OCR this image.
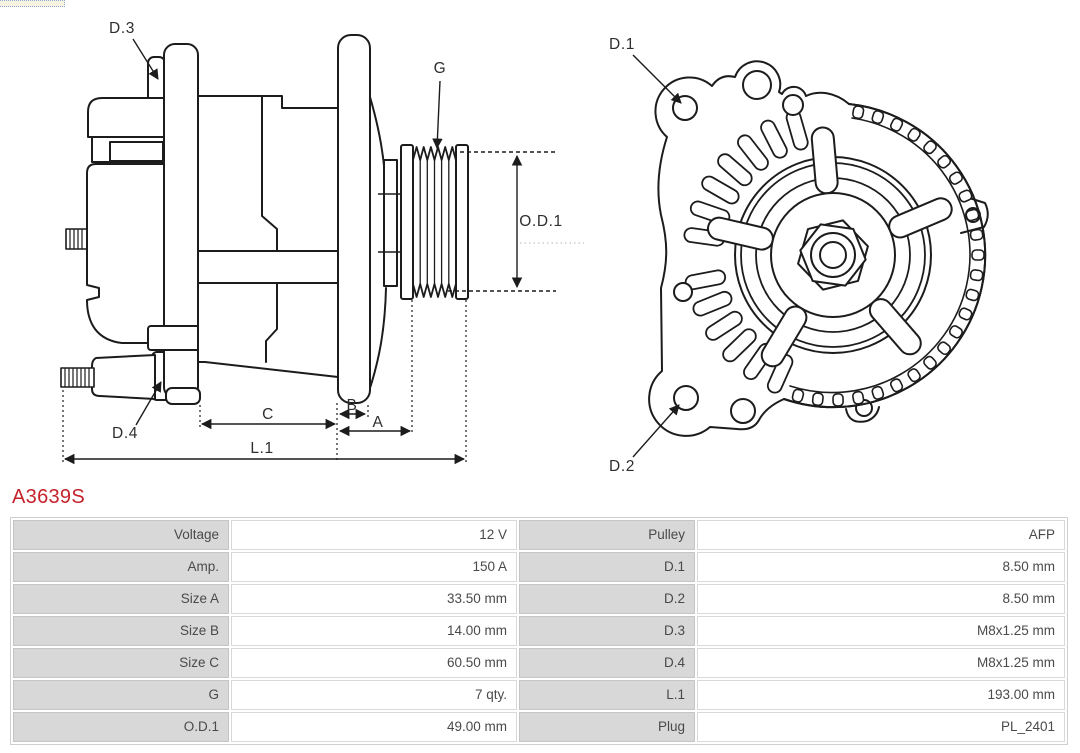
D.3
G
O.D.1
D.4
C
B
A
L.1
D.1
D.2
A3639S
Voltage	12 V	Pulley	AFP
Amp.	150 A	D.1	8.50 mm
Size A	33.50 mm	D.2	8.50 mm
Size B	14.00 mm	D.3	M8x1.25 mm
Size C	60.50 mm	D.4	M8x1.25 mm
G	7 qty.	L.1	193.00 mm
O.D.1	49.00 mm	Plug	PL_2401
